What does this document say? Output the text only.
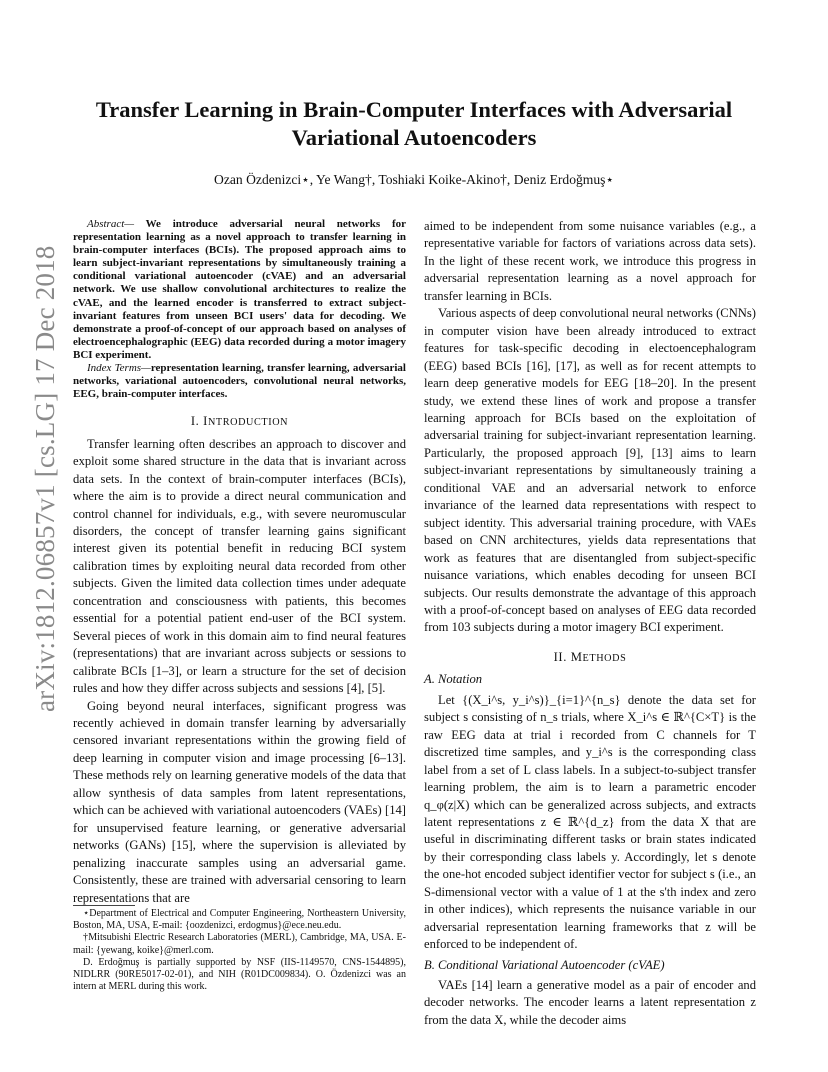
arXiv:1812.06857v1 [cs.LG] 17 Dec 2018
Transfer Learning in Brain-Computer Interfaces with Adversarial Variational Autoencoders
Ozan Özdenizci⋆, Ye Wang†, Toshiaki Koike-Akino†, Deniz Erdoğmuş⋆

Abstract— We introduce adversarial neural networks for representation learning as a novel approach to transfer learning in brain-computer interfaces (BCIs). The proposed approach aims to learn subject-invariant representations by simultaneously training a conditional variational autoencoder (cVAE) and an adversarial network. We use shallow convolutional architectures to realize the cVAE, and the learned encoder is transferred to extract subject-invariant features from unseen BCI users' data for decoding. We demonstrate a proof-of-concept of our approach based on analyses of electroencephalographic (EEG) data recorded during a motor imagery BCI experiment.

Index Terms—representation learning, transfer learning, adversarial networks, variational autoencoders, convolutional neural networks, EEG, brain-computer interfaces.

I. INTRODUCTION

Transfer learning often describes an approach to discover and exploit some shared structure in the data that is invariant across data sets. In the context of brain-computer interfaces (BCIs), where the aim is to provide a direct neural communication and control channel for individuals, e.g., with severe neuromuscular disorders, the concept of transfer learning gains significant interest given its potential benefit in reducing BCI system calibration times by exploiting neural data recorded from other subjects. Given the limited data collection times under adequate concentration and consciousness with patients, this becomes essential for a potential patient end-user of the BCI system. Several pieces of work in this domain aim to find neural features (representations) that are invariant across subjects or sessions to calibrate BCIs [1–3], or learn a structure for the set of decision rules and how they differ across subjects and sessions [4], [5].

Going beyond neural interfaces, significant progress was recently achieved in domain transfer learning by adversarially censored invariant representations within the growing field of deep learning in computer vision and image processing [6–13]. These methods rely on learning generative models of the data that allow synthesis of data samples from latent representations, which can be achieved with variational autoencoders (VAEs) [14] for unsupervised feature learning, or generative adversarial networks (GANs) [15], where the supervision is alleviated by penalizing inaccurate samples using an adversarial game. Consistently, these are trained with adversarial censoring to learn representations that are

aimed to be independent from some nuisance variables (e.g., a representative variable for factors of variations across data sets). In the light of these recent work, we introduce this progress in adversarial representation learning as a novel approach for transfer learning in BCIs.

Various aspects of deep convolutional neural networks (CNNs) in computer vision have been already introduced to extract features for task-specific decoding in electoencephalogram (EEG) based BCIs [16], [17], as well as for recent attempts to learn deep generative models for EEG [18–20]. In the present study, we extend these lines of work and propose a transfer learning approach for BCIs based on the exploitation of adversarial training for subject-invariant representation learning. Particularly, the proposed approach [9], [13] aims to learn subject-invariant representations by simultaneously training a conditional VAE and an adversarial network to enforce invariance of the learned data representations with respect to subject identity. This adversarial training procedure, with VAEs based on CNN architectures, yields data representations that work as features that are disentangled from subject-specific nuisance variations, which enables decoding for unseen BCI subjects. Our results demonstrate the advantage of this approach with a proof-of-concept based on analyses of EEG data recorded from 103 subjects during a motor imagery BCI experiment.

II. METHODS
A. Notation

Let {(X_i^s, y_i^s)}_{i=1}^{n_s} denote the data set for subject s consisting of n_s trials, where X_i^s ∈ ℝ^{C×T} is the raw EEG data at trial i recorded from C channels for T discretized time samples, and y_i^s is the corresponding class label from a set of L class labels. In a subject-to-subject transfer learning problem, the aim is to learn a parametric encoder q_φ(z|X) which can be generalized across subjects, and extracts latent representations z ∈ ℝ^{d_z} from the data X that are useful in discriminating different tasks or brain states indicated by their corresponding class labels y. Accordingly, let s denote the one-hot encoded subject identifier vector for subject s (i.e., an S-dimensional vector with a value of 1 at the s'th index and zero in other indices), which represents the nuisance variable in our adversarial representation learning frameworks that z will be enforced to be independent of.

B. Conditional Variational Autoencoder (cVAE)

VAEs [14] learn a generative model as a pair of encoder and decoder networks. The encoder learns a latent representation z from the data X, while the decoder aims

⋆Department of Electrical and Computer Engineering, Northeastern University, Boston, MA, USA, E-mail: {oozdenizci, erdogmus}@ece.neu.edu.

†Mitsubishi Electric Research Laboratories (MERL), Cambridge, MA, USA. E-mail: {yewang, koike}@merl.com.

D. Erdoğmuş is partially supported by NSF (IIS-1149570, CNS-1544895), NIDLRR (90RE5017-02-01), and NIH (R01DC009834). O. Özdenizci was an intern at MERL during this work.
